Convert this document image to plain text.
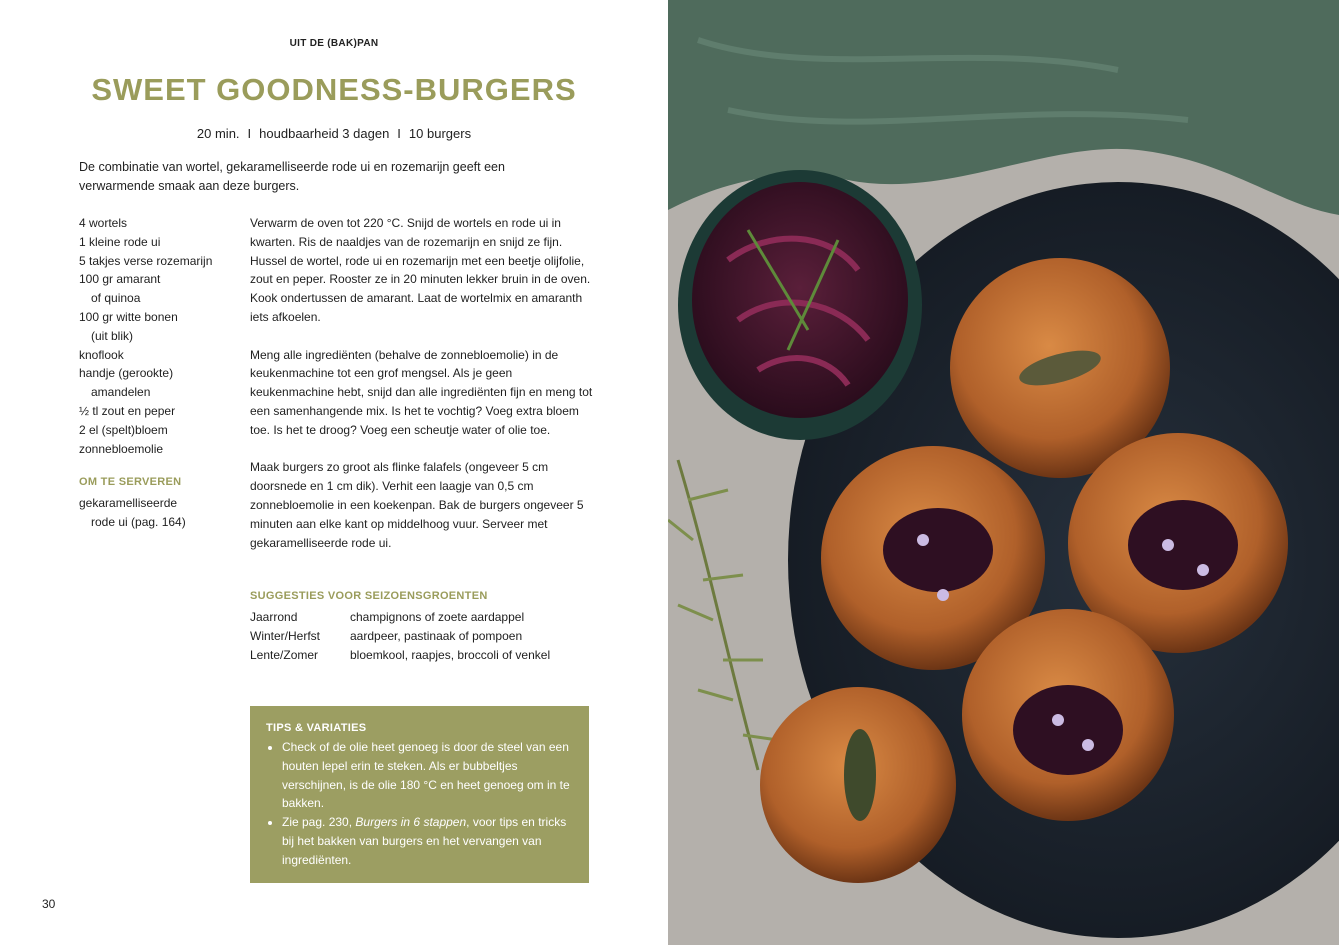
UIT DE (BAK)PAN
SWEET GOODNESS-BURGERS
20 min. I houdbaarheid 3 dagen I 10 burgers
De combinatie van wortel, gekaramelliseerde rode ui en rozemarijn geeft een verwarmende smaak aan deze burgers.
4 wortels
1 kleine rode ui
5 takjes verse rozemarijn
100 gr amarant
of quinoa
100 gr witte bonen
(uit blik)
knoflook
handje (gerookte)
amandelen
½ tl zout en peper
2 el (spelt)bloem
zonnebloemolie
OM TE SERVEREN
gekaramelliseerde
rode ui (pag. 164)

Verwarm de oven tot 220 °C. Snijd de wortels en rode ui in kwarten. Ris de naaldjes van de rozemarijn en snijd ze fijn. Hussel de wortel, rode ui en rozemarijn met een beetje olijfolie, zout en peper. Rooster ze in 20 minuten lekker bruin in de oven. Kook ondertussen de amarant. Laat de wortelmix en amaranth iets afkoelen.

Meng alle ingrediënten (behalve de zonnebloemolie) in de keukenmachine tot een grof mengsel. Als je geen keukenmachine hebt, snijd dan alle ingrediënten fijn en meng tot een samenhangende mix. Is het te vochtig? Voeg extra bloem toe. Is het te droog? Voeg een scheutje water of olie toe.

Maak burgers zo groot als flinke falafels (ongeveer 5 cm doorsnede en 1 cm dik). Verhit een laagje van 0,5 cm zonnebloemolie in een koekenpan. Bak de burgers ongeveer 5 minuten aan elke kant op middelhoog vuur. Serveer met gekaramelliseerde rode ui.

SUGGESTIES VOOR SEIZOENSGROENTEN
Jaarrond	champignons of zoete aardappel
Winter/Herfst	aardpeer, pastinaak of pompoen
Lente/Zomer	bloemkool, raapjes, broccoli of venkel
TIPS & VARIATIES
• Check of de olie heet genoeg is door de steel van een houten lepel erin te steken. Als er bubbeltjes verschijnen, is de olie 180 °C en heet genoeg om in te bakken.
• Zie pag. 230, Burgers in 6 stappen, voor tips en tricks bij het bakken van burgers en het vervangen van ingrediënten.
30
